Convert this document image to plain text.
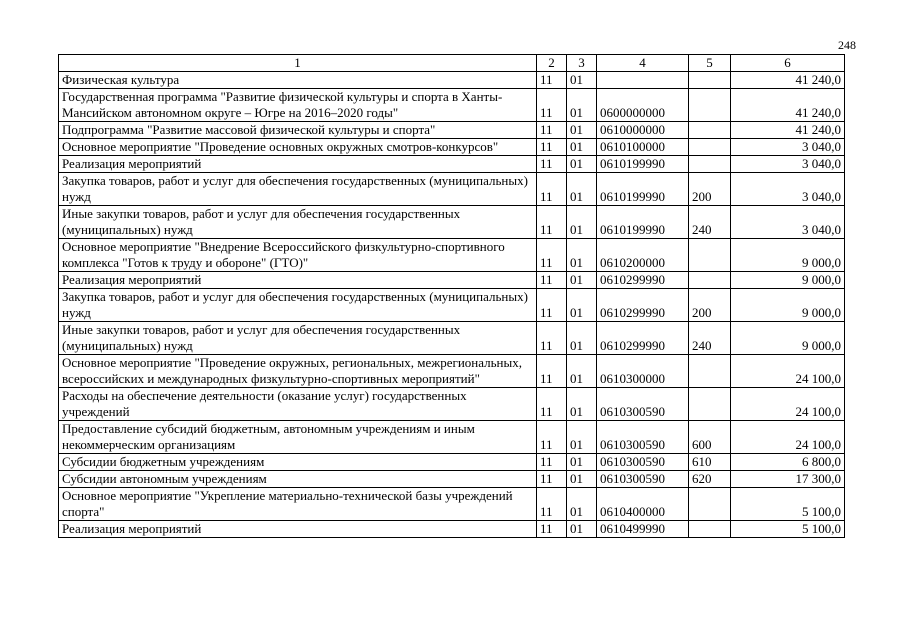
248
1	2	3	4	5	6
Физическая культура	11	01			41 240,0
Государственная программа "Развитие физической культуры и спорта в Ханты-Мансийском автономном округе – Югре на 2016–2020 годы"	11	01	0600000000		41 240,0
Подпрограмма "Развитие массовой физической культуры и спорта"	11	01	0610000000		41 240,0
Основное мероприятие "Проведение основных окружных смотров-конкурсов"	11	01	0610100000		3 040,0
Реализация мероприятий	11	01	0610199990		3 040,0
Закупка товаров, работ и услуг для обеспечения государственных (муниципальных) нужд	11	01	0610199990	200	3 040,0
Иные закупки товаров, работ и услуг для обеспечения государственных (муниципальных) нужд	11	01	0610199990	240	3 040,0
Основное мероприятие "Внедрение Всероссийского физкультурно-спортивного комплекса "Готов к труду и обороне" (ГТО)"	11	01	0610200000		9 000,0
Реализация мероприятий	11	01	0610299990		9 000,0
Закупка товаров, работ и услуг для обеспечения государственных (муниципальных) нужд	11	01	0610299990	200	9 000,0
Иные закупки товаров, работ и услуг для обеспечения государственных (муниципальных) нужд	11	01	0610299990	240	9 000,0
Основное мероприятие "Проведение окружных, региональных, межрегиональных, всероссийских и международных физкультурно-спортивных мероприятий"	11	01	0610300000		24 100,0
Расходы на обеспечение деятельности (оказание услуг) государственных учреждений	11	01	0610300590		24 100,0
Предоставление субсидий бюджетным, автономным учреждениям и иным некоммерческим организациям	11	01	0610300590	600	24 100,0
Субсидии бюджетным учреждениям	11	01	0610300590	610	6 800,0
Субсидии автономным учреждениям	11	01	0610300590	620	17 300,0
Основное мероприятие "Укрепление материально-технической базы учреждений спорта"	11	01	0610400000		5 100,0
Реализация мероприятий	11	01	0610499990		5 100,0
